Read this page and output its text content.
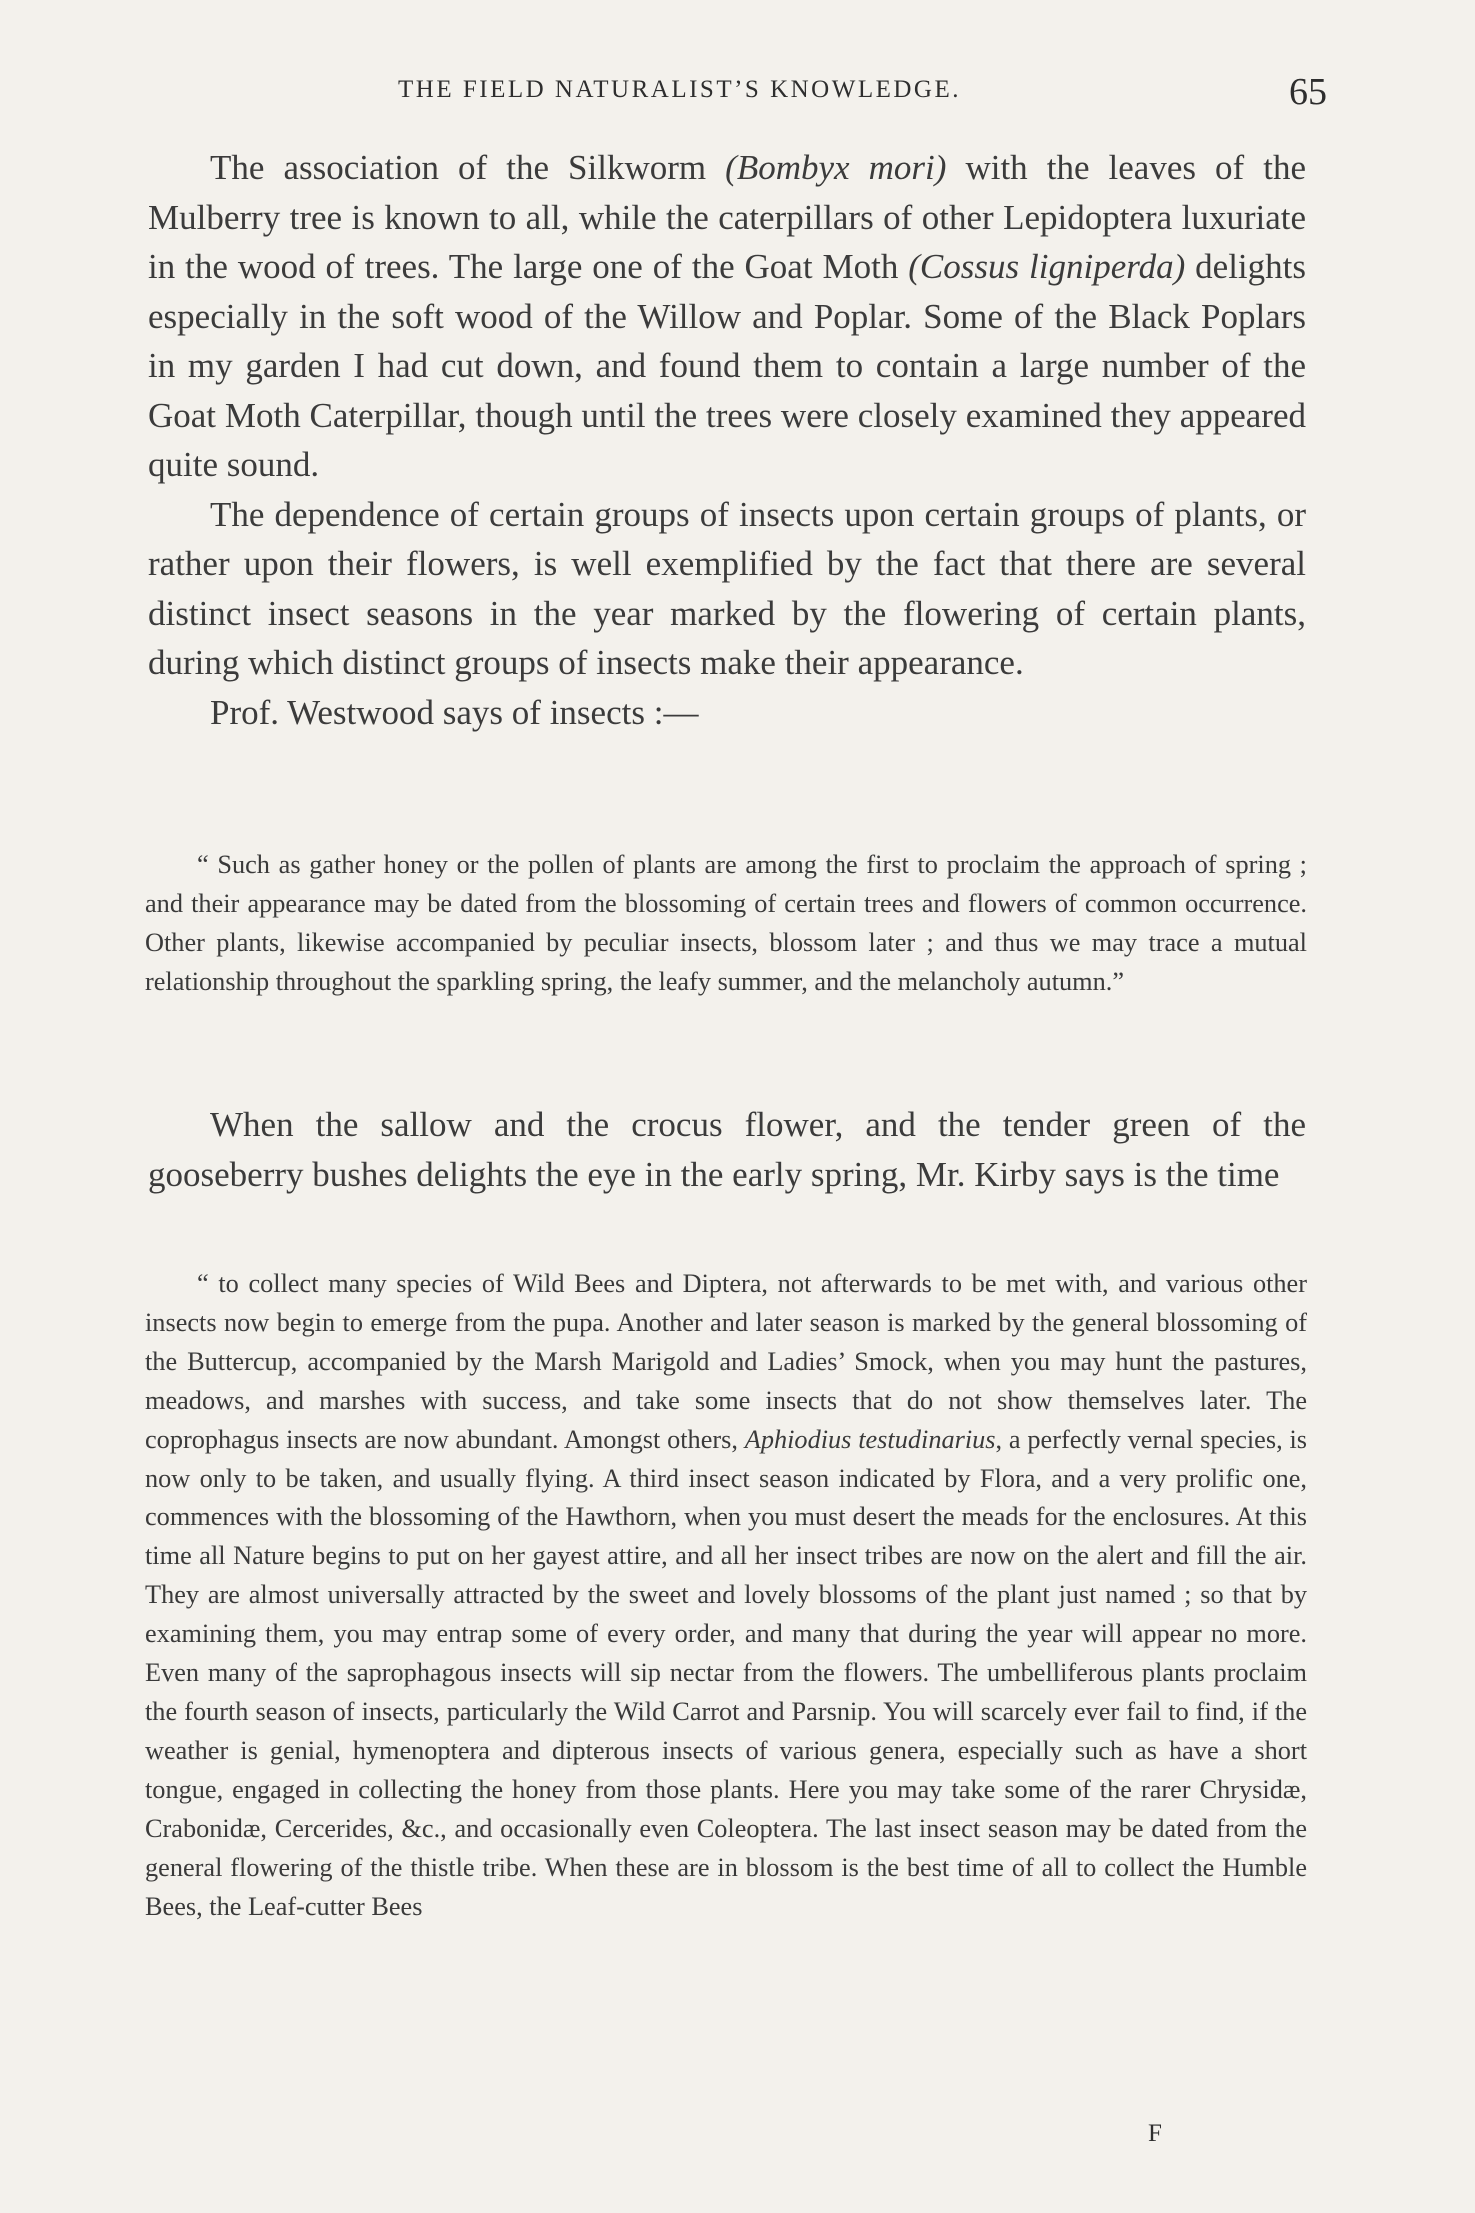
THE FIELD NATURALIST’S KNOWLEDGE.	65

The association of the Silkworm (Bombyx mori) with the leaves of the Mulberry tree is known to all, while the caterpillars of other Lepidoptera luxuriate in the wood of trees. The large one of the Goat Moth (Cossus ligniperda) delights especially in the soft wood of the Willow and Poplar. Some of the Black Poplars in my garden I had cut down, and found them to contain a large number of the Goat Moth Caterpillar, though until the trees were closely examined they appeared quite sound.

The dependence of certain groups of insects upon certain groups of plants, or rather upon their flowers, is well exemplified by the fact that there are several distinct insect seasons in the year marked by the flowering of certain plants, during which distinct groups of insects make their appearance.

Prof. Westwood says of insects :—

“ Such as gather honey or the pollen of plants are among the first to proclaim the approach of spring ; and their appearance may be dated from the blossoming of certain trees and flowers of common occurrence. Other plants, likewise accompanied by peculiar insects, blossom later ; and thus we may trace a mutual relationship throughout the sparkling spring, the leafy summer, and the melancholy autumn.”

When the sallow and the crocus flower, and the tender green of the gooseberry bushes delights the eye in the early spring, Mr. Kirby says is the time

“ to collect many species of Wild Bees and Diptera, not afterwards to be met with, and various other insects now begin to emerge from the pupa. Another and later season is marked by the general blossoming of the Buttercup, accompanied by the Marsh Marigold and Ladies’ Smock, when you may hunt the pastures, meadows, and marshes with success, and take some insects that do not show themselves later. The coprophagus insects are now abundant. Amongst others, Aphiodius testudinarius, a perfectly vernal species, is now only to be taken, and usually flying. A third insect season indicated by Flora, and a very prolific one, commences with the blossoming of the Hawthorn, when you must desert the meads for the enclosures. At this time all Nature begins to put on her gayest attire, and all her insect tribes are now on the alert and fill the air. They are almost universally attracted by the sweet and lovely blossoms of the plant just named ; so that by examining them, you may entrap some of every order, and many that during the year will appear no more. Even many of the saprophagous insects will sip nectar from the flowers. The umbelliferous plants proclaim the fourth season of insects, particularly the Wild Carrot and Parsnip. You will scarcely ever fail to find, if the weather is genial, hymenoptera and dipterous insects of various genera, especially such as have a short tongue, engaged in collecting the honey from those plants. Here you may take some of the rarer Chrysidæ, Crabonidæ, Cercerides, &c., and occasionally even Coleoptera. The last insect season may be dated from the general flowering of the thistle tribe. When these are in blossom is the best time of all to collect the Humble Bees, the Leaf-cutter Bees

F
